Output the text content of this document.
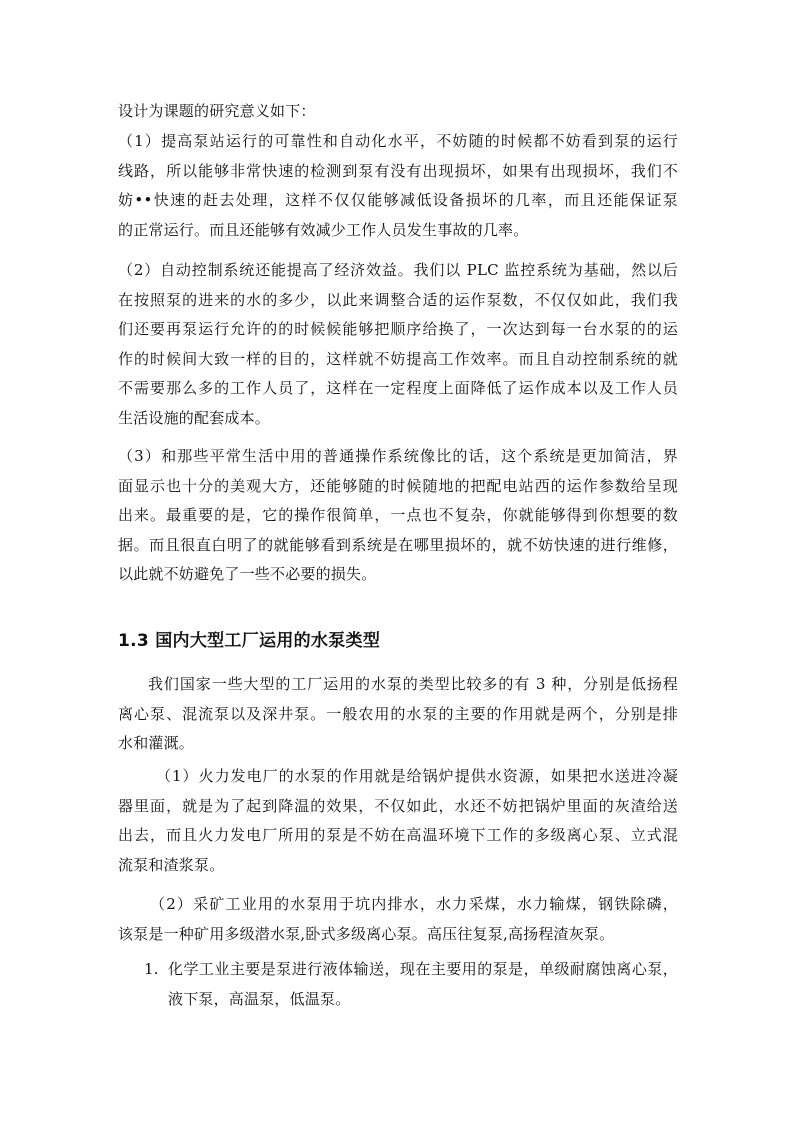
设计为课题的研究意义如下：

（1）提高泵站运行的可靠性和自动化水平，不妨随的时候都不妨看到泵的运行
线路，所以能够非常快速的检测到泵有没有出现损坏，如果有出现损坏，我们不
妨••快速的赶去处理，这样不仅仅能够减低设备损坏的几率，而且还能保证泵
的正常运行。而且还能够有效减少工作人员发生事故的几率。

（2）自动控制系统还能提高了经济效益。我们以 PLC 监控系统为基础，然以后
在按照泵的进来的水的多少，以此来调整合适的运作泵数，不仅仅如此，我们我
们还要再泵运行允许的的时候候能够把顺序给换了，一次达到每一台水泵的的运
作的时候间大致一样的目的，这样就不妨提高工作效率。而且自动控制系统的就
不需要那么多的工作人员了，这样在一定程度上面降低了运作成本以及工作人员
生活设施的配套成本。

（3）和那些平常生活中用的普通操作系统像比的话，这个系统是更加简洁，界
面显示也十分的美观大方，还能够随的时候随地的把配电站西的运作参数给呈现
出来。最重要的是，它的操作很简单，一点也不复杂，你就能够得到你想要的数
据。而且很直白明了的就能够看到系统是在哪里损坏的，就不妨快速的进行维修，
以此就不妨避免了一些不必要的损失。

1.3 国内大型工厂运用的水泵类型

我们国家一些大型的工厂运用的水泵的类型比较多的有 3 种，分别是低扬程
离心泵、混流泵以及深井泵。一般农用的水泵的主要的作用就是两个，分别是排
水和灌溉。

（1）火力发电厂的水泵的作用就是给锅炉提供水资源，如果把水送进冷凝
器里面，就是为了起到降温的效果，不仅如此，水还不妨把锅炉里面的灰渣给送
出去，而且火力发电厂所用的泵是不妨在高温环境下工作的多级离心泵、立式混
流泵和渣浆泵。

（2）采矿工业用的水泵用于坑内排水，水力采煤，水力输煤，钢铁除磷，
该泵是一种矿用多级潜水泵,卧式多级离心泵。高压往复泵,高扬程渣灰泵。

1. 化学工业主要是泵进行液体输送，现在主要用的泵是，单级耐腐蚀离心泵，
液下泵，高温泵，低温泵。
